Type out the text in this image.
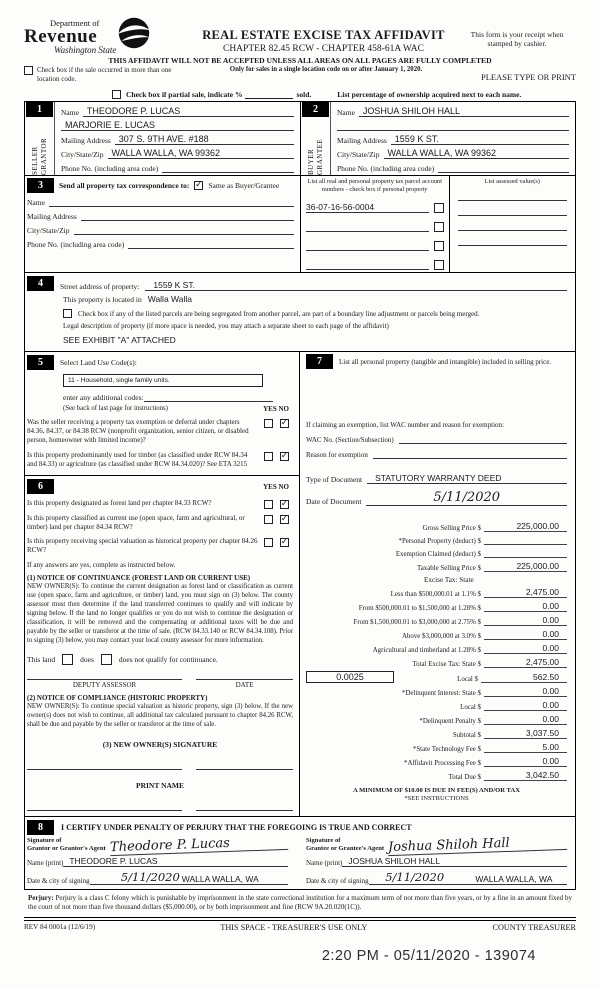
Department of
Revenue
Washington State
REAL ESTATE EXCISE TAX AFFIDAVIT
CHAPTER 82.45 RCW - CHAPTER 458-61A WAC
This form is your receipt when stamped by cashier.
THIS AFFIDAVIT WILL NOT BE ACCEPTED UNLESS ALL AREAS ON ALL PAGES ARE FULLY COMPLETED
Check box if the sale occurred in more than one location code.
Only for sales in a single location code on or after January 1, 2020.
PLEASE TYPE OR PRINT
Check box if partial sale, indicate %	sold.	List percentage of ownership acquired next to each name.
1
SELLER GRANTOR
Name THEODORE P. LUCAS
MARJORIE E. LUCAS
Mailing Address 307 S. 9TH AVE. #188
City/State/Zip WALLA WALLA, WA 99362
Phone No. (including area code)
2
BUYER GRANTEE
Name JOSHUA SHILOH HALL
Mailing Address 1559 K ST.
City/State/Zip WALLA WALLA, WA 99362
Phone No. (including area code)
3	Send all property tax correspondence to: ✓ Same as Buyer/Grantee
Name
Mailing Address
City/State/Zip
Phone No. (including area code)
List all real and personal property tax parcel account numbers - check box if personal property
36-07-16-56-0004
List assessed value(s)
4	Street address of property:	1559 K ST.
This property is located in Walla Walla
Check box if any of the listed parcels are being segregated from another parcel, are part of a boundary line adjustment or parcels being merged.
Legal description of property (if more space is needed, you may attach a separate sheet to each page of the affidavit)
SEE EXHIBIT "A" ATTACHED
5	Select Land Use Code(s):
11 - Household, single family units.
enter any additional codes:
(See back of last page for instructions)	YES NO
Was the seller receiving a property tax exemption or deferral under chapters 84.36, 84.37, or 84.38 RCW (nonprofit organization, senior citizen, or disabled person, homeowner with limited income)?
✓
Is this property predominantly used for timber (as classified under RCW 84.34 and 84.33) or agriculture (as classified under RCW 84.34.020)? See ETA 3215
✓
6	YES NO
Is this property designated as forest land per chapter 84.33 RCW?	✓
Is this property classified as current use (open space, farm and agricultural, or timber) land per chapter 84.34 RCW?
✓
Is this property receiving special valuation as historical property per chapter 84.26 RCW?
✓
If any answers are yes, complete as instructed below.
(1) NOTICE OF CONTINUANCE (FOREST LAND OR CURRENT USE)
NEW OWNER(S): To continue the current designation as forest land or classification as current use (open space, farm and agriculture, or timber) land, you must sign on (3) below. The county assessor must then determine if the land transferred continues to qualify and will indicate by signing below. If the land no longer qualifies or you do not wish to continue the designation or classification, it will be removed and the compensating or additional taxes will be due and payable by the seller or transferor at the time of sale. (RCW 84.33.140 or RCW 84.34.108). Prior to signing (3) below, you may contact your local county assessor for more information.
This land	does	does not qualify for continuance.
DEPUTY ASSESSOR	DATE
(2) NOTICE OF COMPLIANCE (HISTORIC PROPERTY)
NEW OWNER(S): To continue special valuation as historic property, sign (3) below. If the new owner(s) does not wish to continue, all additional tax calculated pursuant to chapter 84.26 RCW, shall be due and payable by the seller or transferor at the time of sale.
(3) NEW OWNER(S) SIGNATURE
PRINT NAME
7	List all personal property (tangible and intangible) included in selling price.
If claiming an exemption, list WAC number and reason for exemption:
WAC No. (Section/Subsection)
Reason for exemption
Type of Document	STATUTORY WARRANTY DEED
Date of Document	5/11/2020
Gross Selling Price $	225,000.00
*Personal Property (deduct) $
Exemption Claimed (deduct) $
Taxable Selling Price $	225,000.00
Excise Tax: State
Less than $500,000.01 at 1.1% $	2,475.00
From $500,000.01 to $1,500,000 at 1.28% $	0.00
From $1,500,000.01 to $3,000,000 at 2.75% $	0.00
Above $3,000,000 at 3.0% $	0.00
Agricultural and timberland at 1.28% $	0.00
Total Excise Tax: State $	2,475.00
0.0025	Local $	562.50
*Delinquent Interest: State $	0.00
Local $	0.00
*Delinquent Penalty $	0.00
Subtotal $	3,037.50
*State Technology Fee $	5.00
*Affidavit Processing Fee $	0.00
Total Due $	3,042.50
A MINIMUM OF $10.00 IS DUE IN FEE(S) AND/OR TAX
*SEE INSTRUCTIONS
8	I CERTIFY UNDER PENALTY OF PERJURY THAT THE FOREGOING IS TRUE AND CORRECT
Signature of
Grantor or Grantor's Agent Theodore P. Lucas
Name (print) THEODORE P. LUCAS
Date & city of signing	5/11/2020 WALLA WALLA, WA
Signature of
Grantee or Grantee's Agent Joshua Shiloh Hall
Name (print) JOSHUA SHILOH HALL
Date & city of signing 5/11/2020	WALLA WALLA, WA
Perjury: Perjury is a class C felony which is punishable by imprisonment in the state correctional institution for a maximum term of not more than five years, or by a fine in an amount fixed by the court of not more than five thousand dollars ($5,000.00), or by both imprisonment and fine (RCW 9A.20.020(1C)).
REV 84 0001a (12/6/19)	THIS SPACE - TREASURER'S USE ONLY	COUNTY TREASURER
2:20 PM - 05/11/2020 - 139074
